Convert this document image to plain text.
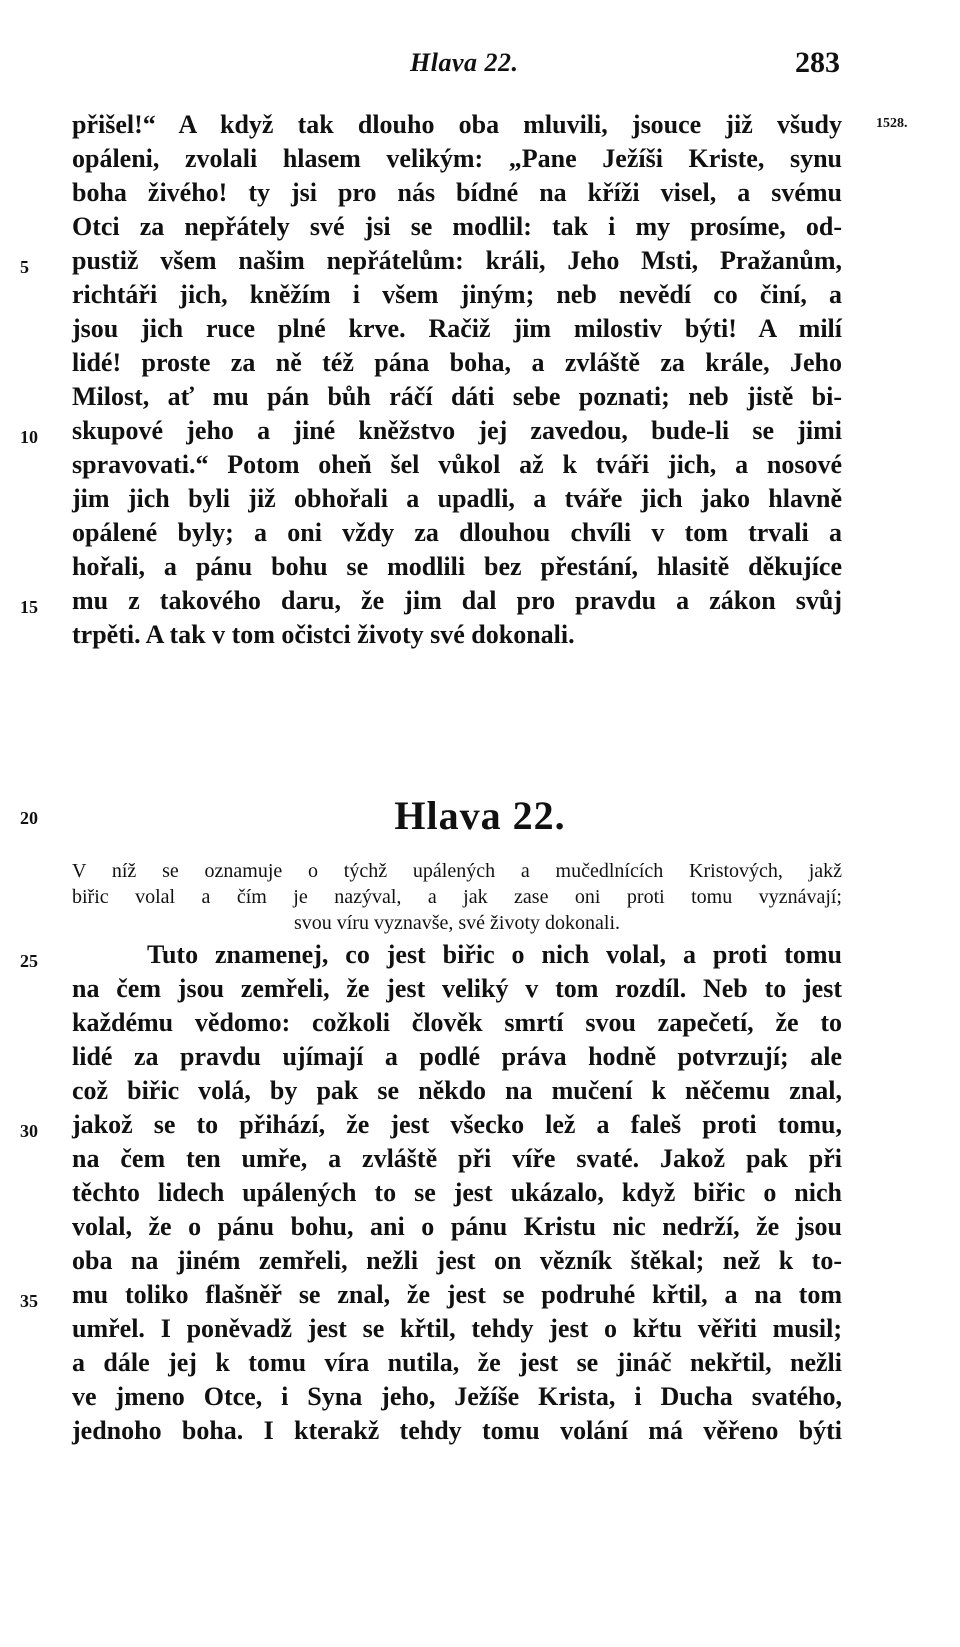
Hlava 22.	283
1528.
5
10
15
20
25
30
35
přišel!“ A když tak dlouho oba mluvili, jsouce již všudy
opáleni, zvolali hlasem velikým: „Pane Ježíši Kriste, synu
boha živého! ty jsi pro nás bídné na kříži visel, a svému
Otci za nepřátely své jsi se modlil: tak i my prosíme, od-
pustiž všem našim nepřátelům: králi, Jeho Msti, Pražanům,
richtáři jich, kněžím i všem jiným; neb nevědí co činí, a
jsou jich ruce plné krve. Račiž jim milostiv býti! A milí
lidé! proste za ně též pána boha, a zvláště za krále, Jeho
Milost, ať mu pán bůh ráčí dáti sebe poznati; neb jistě bi-
skupové jeho a jiné kněžstvo jej zavedou, bude-li se jimi
spravovati.“ Potom oheň šel vůkol až k tváři jich, a nosové
jim jich byli již obhořali a upadli, a tváře jich jako hlavně
opálené byly; a oni vždy za dlouhou chvíli v tom trvali a
hořali, a pánu bohu se modlili bez přestání, hlasitě děkujíce
mu z takového daru, že jim dal pro pravdu a zákon svůj
trpěti. A tak v tom očistci životy své dokonali.
Hlava 22.
V níž se oznamuje o týchž upálených a mučedlnících Kristových, jakž
biřic volal a čím je nazýval, a jak zase oni proti tomu vyznávají;
svou víru vyznavše, své životy dokonali.
Tuto znamenej, co jest biřic o nich volal, a proti tomu
na čem jsou zemřeli, že jest veliký v tom rozdíl. Neb to jest
každému vědomo: cožkoli člověk smrtí svou zapečetí, že to
lidé za pravdu ujímají a podlé práva hodně potvrzují; ale
což biřic volá, by pak se někdo na mučení k něčemu znal,
jakož se to přihází, že jest všecko lež a faleš proti tomu,
na čem ten umře, a zvláště při víře svaté. Jakož pak při
těchto lidech upálených to se jest ukázalo, když biřic o nich
volal, že o pánu bohu, ani o pánu Kristu nic nedrží, že jsou
oba na jiném zemřeli, nežli jest on vězník štěkal; než k to-
mu toliko flašněř se znal, že jest se podruhé křtil, a na tom
umřel. I poněvadž jest se křtil, tehdy jest o křtu věřiti musil;
a dále jej k tomu víra nutila, že jest se jináč nekřtil, nežli
ve jmeno Otce, i Syna jeho, Ježíše Krista, i Ducha svatého,
jednoho boha. I kterakž tehdy tomu volání má věřeno býti
